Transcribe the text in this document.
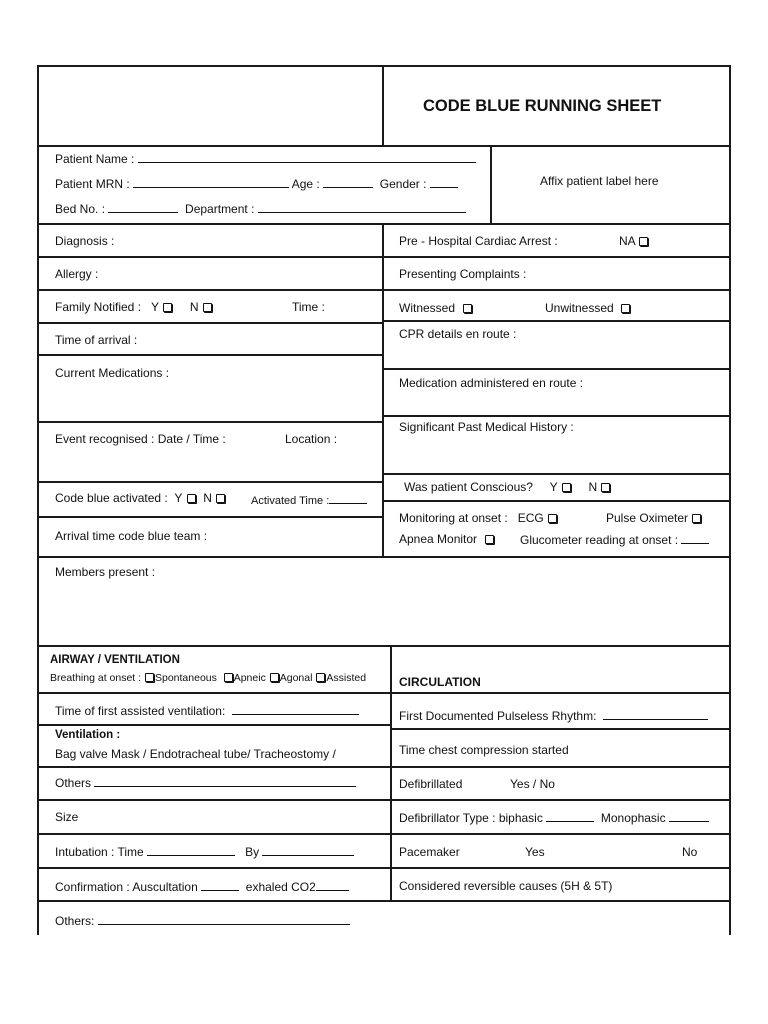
CODE BLUE RUNNING SHEET
Patient Name :
Patient MRN :	Age :	Gender :
Bed No. :	Department :
Affix patient label here
Diagnosis :
Allergy :
Family Notified : Y	N	Time :
Time of arrival :
Current Medications :
Event recognised : Date / Time :	Location :
Code blue activated : Y N	Activated Time :
Arrival time code blue team :
Pre - Hospital Cardiac Arrest :	NA
Presenting Complaints :
Witnessed	Unwitnessed
CPR details en route :
Medication administered en route :
Significant Past Medical History :
Was patient Conscious? Y	N
Monitoring at onset : ECG	Pulse Oximeter
Apnea Monitor	Glucometer reading at onset :
Members present :
AIRWAY / VENTILATION
Breathing at onset : Spontaneous Apneic Agonal Assisted
Time of first assisted ventilation:
Ventilation :
Bag valve Mask / Endotracheal tube/ Tracheostomy /
Others
Size
Intubation : Time	By
Confirmation : Auscultation	exhaled CO2
Others:
CIRCULATION
First Documented Pulseless Rhythm:
Time chest compression started
Defibrillated	Yes / No
Defibrillator Type : biphasic	Monophasic
Pacemaker	Yes	No
Considered reversible causes (5H & 5T)
